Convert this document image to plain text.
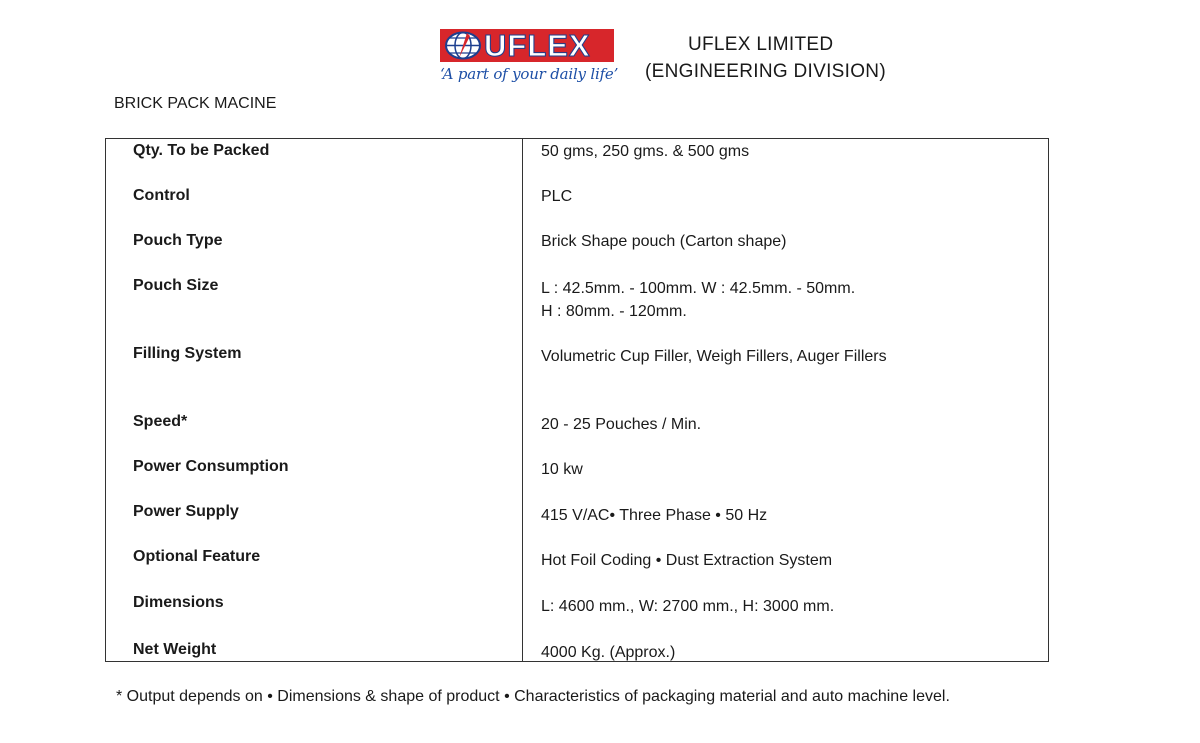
UFLEX
‘A part of your daily life’
UFLEX LIMITED
(ENGINEERING DIVISION)
BRICK PACK MACINE
Qty. To be Packed	50 gms, 250 gms. & 500 gms
Control	PLC
Pouch Type	Brick Shape pouch (Carton shape)
Pouch Size	L : 42.5mm. - 100mm. W : 42.5mm. - 50mm.
H : 80mm. - 120mm.
Filling System	Volumetric Cup Filler, Weigh Fillers, Auger Fillers
Speed*	20 - 25 Pouches / Min.
Power Consumption	10 kw
Power Supply	415 V/AC• Three Phase • 50 Hz
Optional Feature	Hot Foil Coding • Dust Extraction System
Dimensions	L: 4600 mm., W: 2700 mm., H: 3000 mm.
Net Weight	4000 Kg. (Approx.)
* Output depends on • Dimensions & shape of product • Characteristics of packaging material and auto machine level.
